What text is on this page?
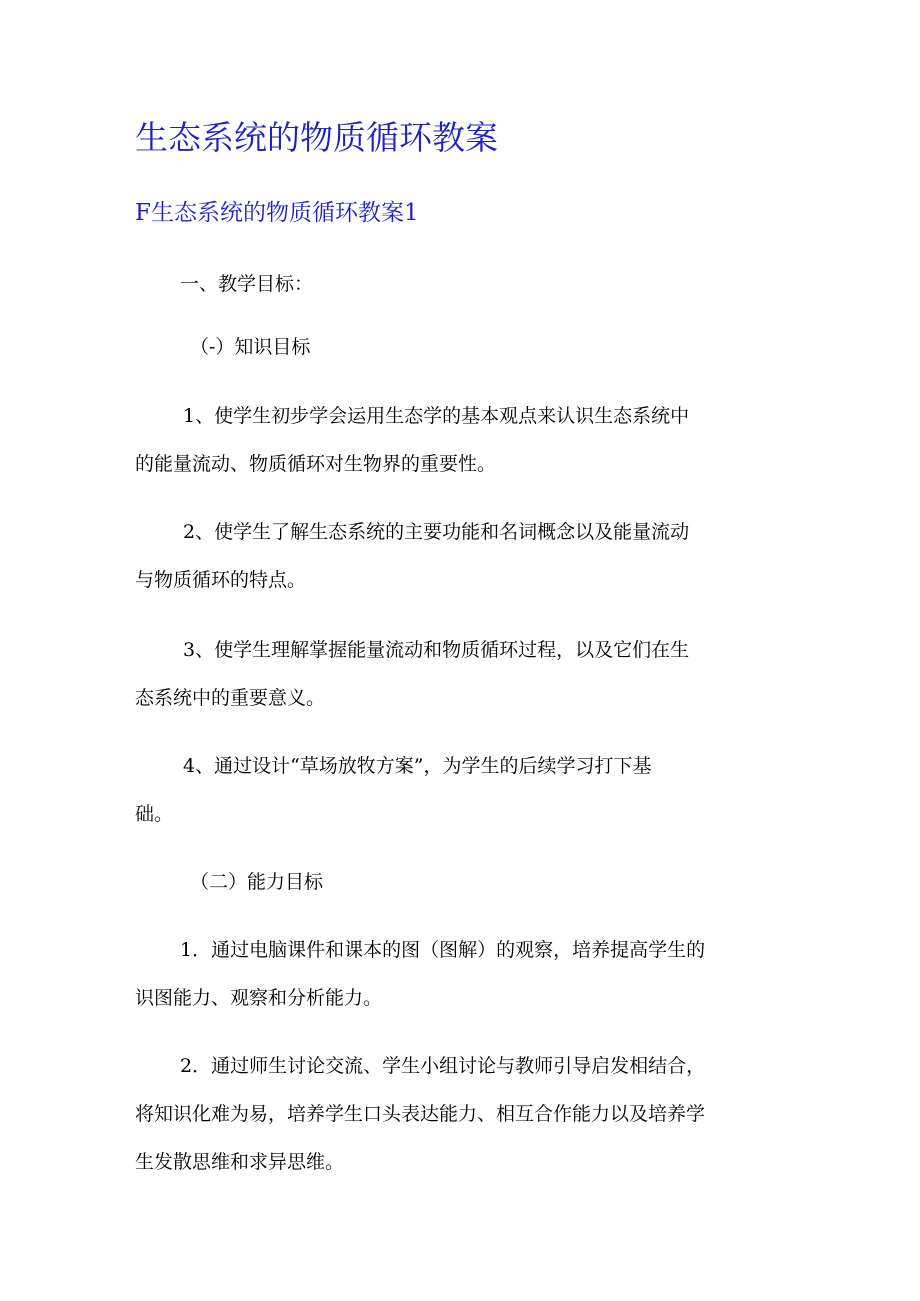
生态系统的物质循环教案
F生态系统的物质循环教案1

一、教学目标：

（-）知识目标

1、使学生初步学会运用生态学的基本观点来认识生态系统中

的能量流动、物质循环对生物界的重要性。

2、使学生了解生态系统的主要功能和名词概念以及能量流动

与物质循环的特点。

3、使学生理解掌握能量流动和物质循环过程，以及它们在生

态系统中的重要意义。

4、通过设计“草场放牧方案”，为学生的后续学习打下基

础。

（二）能力目标

1．通过电脑课件和课本的图（图解）的观察，培养提高学生的

识图能力、观察和分析能力。

2．通过师生讨论交流、学生小组讨论与教师引导启发相结合，

将知识化难为易，培养学生口头表达能力、相互合作能力以及培养学

生发散思维和求异思维。
